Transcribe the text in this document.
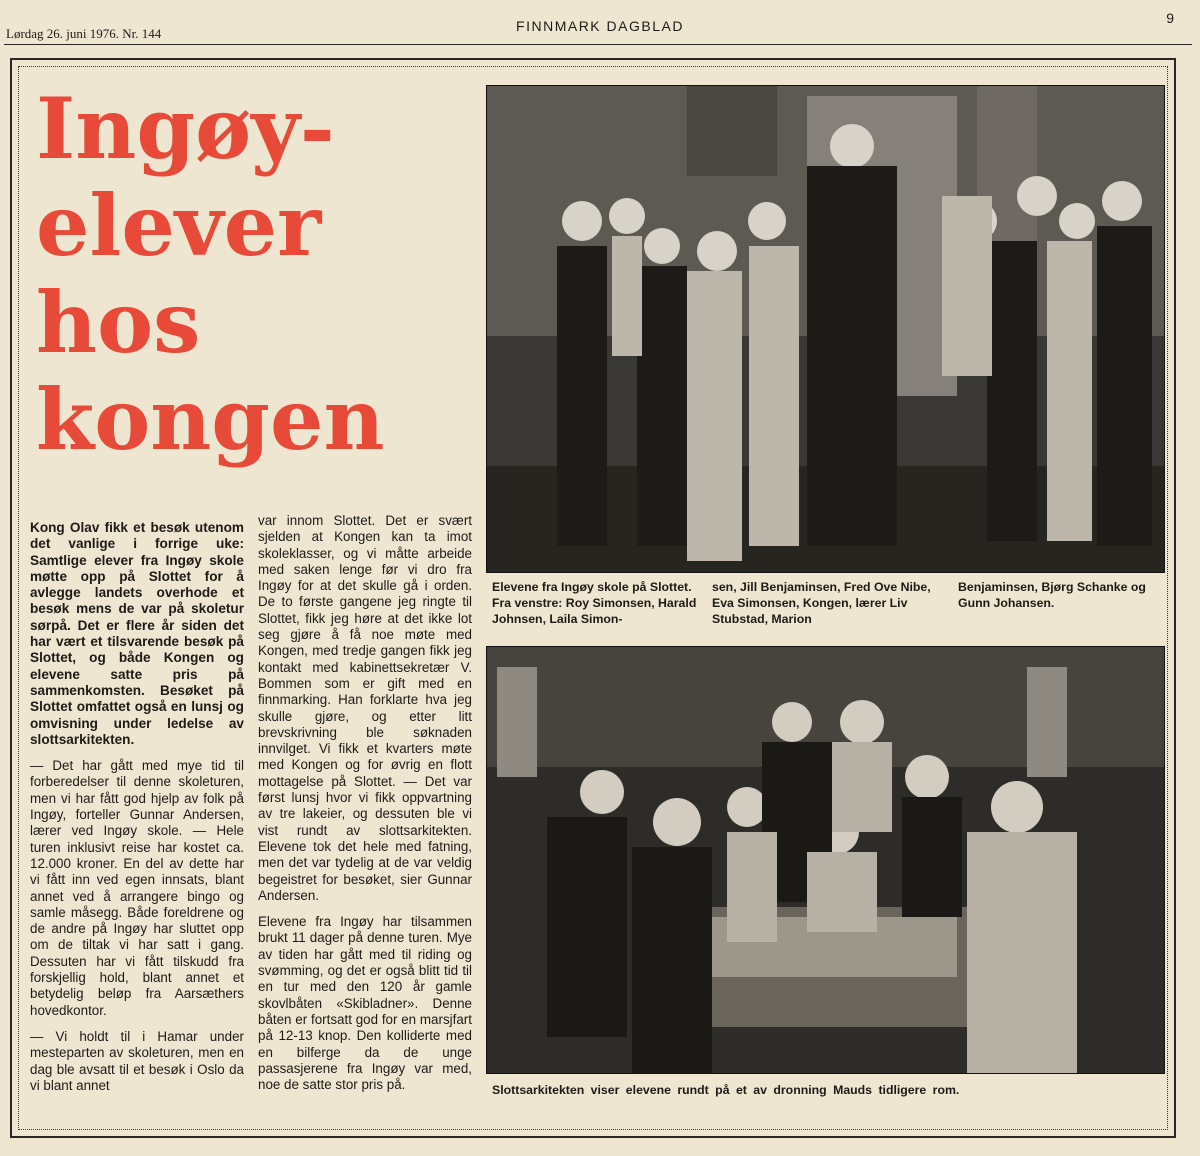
Lørdag 26. juni 1976. Nr. 144	FINNMARK DAGBLAD	9
Ingøy-
elever
hos
kongen

Kong Olav fikk et besøk utenom det vanlige i forrige uke: Samtlige elever fra Ingøy skole møtte opp på Slottet for å avlegge landets overhode et besøk mens de var på skoletur sørpå. Det er flere år siden det har vært et tilsvarende besøk på Slottet, og både Kongen og elevene satte pris på sammenkomsten. Besøket på Slottet omfattet også en lunsj og omvisning under ledelse av slottsarkitekten.

— Det har gått med mye tid til forberedelser til denne skoleturen, men vi har fått god hjelp av folk på Ingøy, forteller Gunnar Andersen, lærer ved Ingøy skole. — Hele turen inklusivt reise har kostet ca. 12.000 kroner. En del av dette har vi fått inn ved egen innsats, blant annet ved å arrangere bingo og samle måsegg. Både foreldrene og de andre på Ingøy har sluttet opp om de tiltak vi har satt i gang. Dessuten har vi fått tilskudd fra forskjellig hold, blant annet et betydelig beløp fra Aarsæthers hovedkontor.

— Vi holdt til i Hamar under mesteparten av skoleturen, men en dag ble avsatt til et besøk i Oslo da vi blant annet

var innom Slottet. Det er svært sjelden at Kongen kan ta imot skoleklasser, og vi måtte arbeide med saken lenge før vi dro fra Ingøy for at det skulle gå i orden. De to første gangene jeg ringte til Slottet, fikk jeg høre at det ikke lot seg gjøre å få noe møte med Kongen, med tredje gangen fikk jeg kontakt med kabinettsekretær V. Bommen som er gift med en finnmarking. Han forklarte hva jeg skulle gjøre, og etter litt brevskrivning ble søknaden innvilget. Vi fikk et kvarters møte med Kongen og for øvrig en flott mottagelse på Slottet. — Det var først lunsj hvor vi fikk oppvartning av tre lakeier, og dessuten ble vi vist rundt av slottsarkitekten. Elevene tok det hele med fatning, men det var tydelig at de var veldig begeistret for besøket, sier Gunnar Andersen.

Elevene fra Ingøy har tilsammen brukt 11 dager på denne turen. Mye av tiden har gått med til riding og svømming, og det er også blitt tid til en tur med den 120 år gamle skovlbåten «Skibladner». Denne båten er fortsatt god for en marsjfart på 12-13 knop. Den kolliderte med en bilferge da de unge passasjerene fra Ingøy var med, noe de satte stor pris på.

Elevene fra Ingøy skole på Slottet. Fra venstre: Roy Simonsen, Harald Johnsen, Laila Simon-
sen, Jill Benjaminsen, Fred Ove Nibe, Eva Simonsen, Kongen, lærer Liv Stubstad, Marion
Benjaminsen, Bjørg Schanke og Gunn Johansen.
Slottsarkitekten viser elevene rundt på et av dronning Mauds tidligere rom.
